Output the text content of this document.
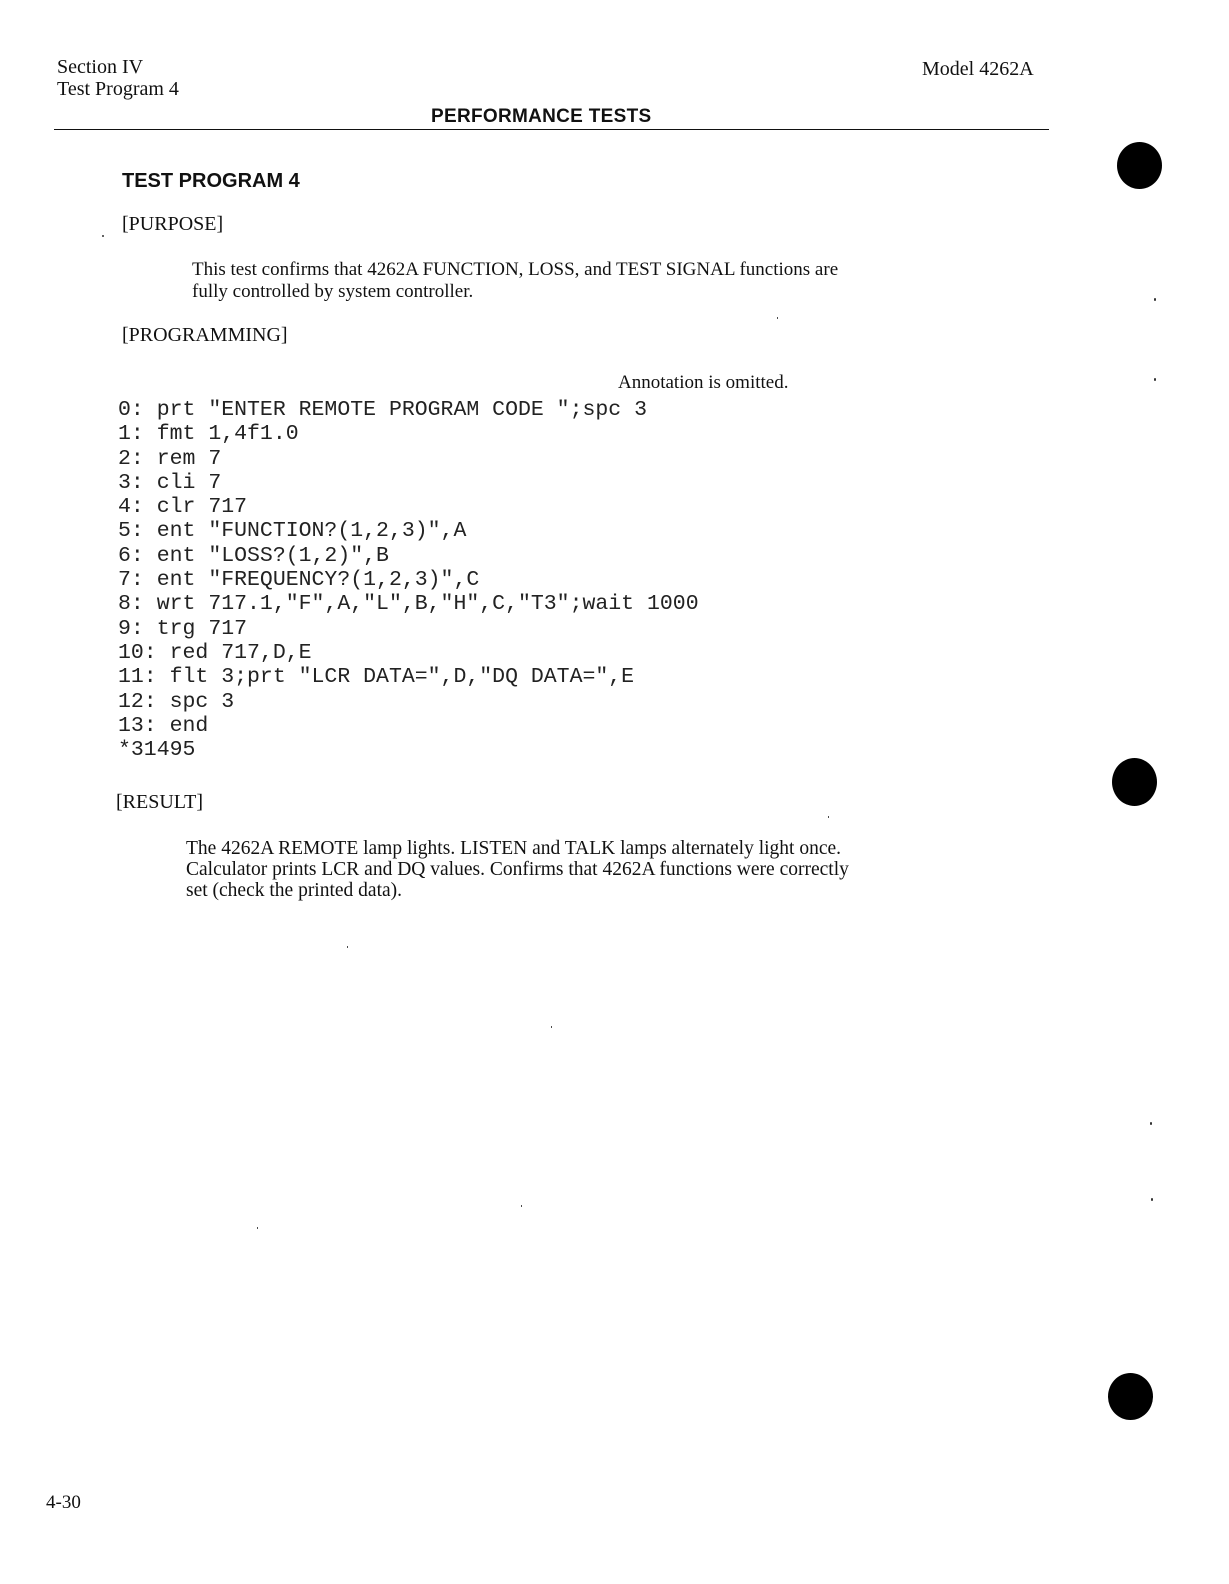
Section IV
Test Program 4
Model 4262A
PERFORMANCE TESTS
TEST PROGRAM 4
[PURPOSE]
This test confirms that 4262A FUNCTION, LOSS, and TEST SIGNAL functions are
fully controlled by system controller.
[PROGRAMMING]
Annotation is omitted.
0: prt "ENTER REMOTE PROGRAM CODE ";spc 3
1: fmt 1,4f1.0
2: rem 7
3: cli 7
4: clr 717
5: ent "FUNCTION?(1,2,3)",A
6: ent "LOSS?(1,2)",B
7: ent "FREQUENCY?(1,2,3)",C
8: wrt 717.1,"F",A,"L",B,"H",C,"T3";wait 1000
9: trg 717
10: red 717,D,E
11: flt 3;prt "LCR DATA=",D,"DQ DATA=",E
12: spc 3
13: end
*31495
[RESULT]
The 4262A REMOTE lamp lights. LISTEN and TALK lamps alternately light once.
Calculator prints LCR and DQ values. Confirms that 4262A functions were correctly
set (check the printed data).
4-30
